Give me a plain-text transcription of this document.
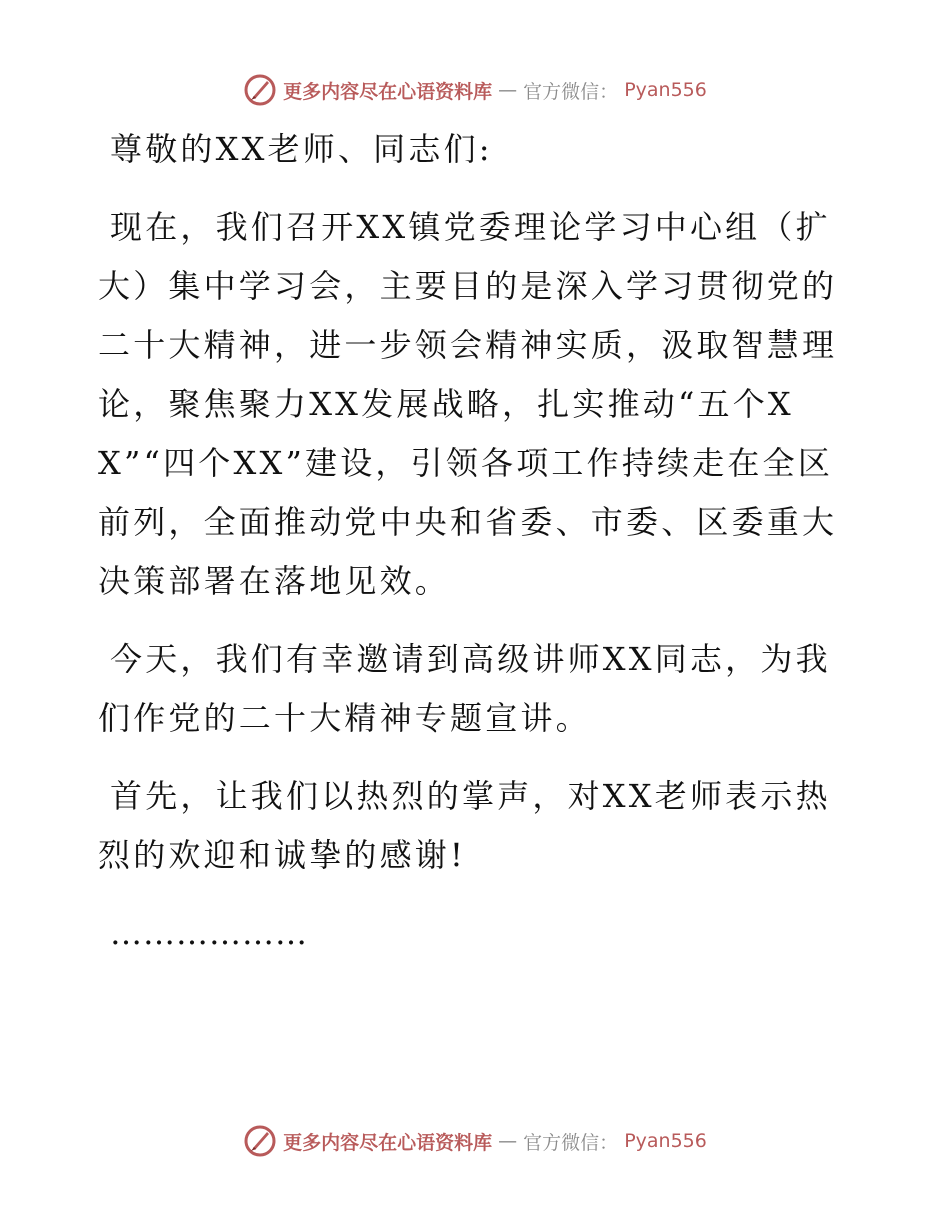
更多内容尽在心语资料库 — 官方微信： Pyan556

尊敬的XX老师、同志们:

现在，我们召开XX镇党委理论学习中心组（扩大）集中学习会，主要目的是深入学习贯彻党的二十大精神，进一步领会精神实质，汲取智慧理论，聚焦聚力XX发展战略，扎实推动“五个XX”“四个XX”建设，引领各项工作持续走在全区前列，全面推动党中央和省委、市委、区委重大决策部署在落地见效。

今天，我们有幸邀请到高级讲师XX同志，为我们作党的二十大精神专题宣讲。

首先，让我们以热烈的掌声，对XX老师表示热烈的欢迎和诚挚的感谢!

………………

更多内容尽在心语资料库 — 官方微信： Pyan556
